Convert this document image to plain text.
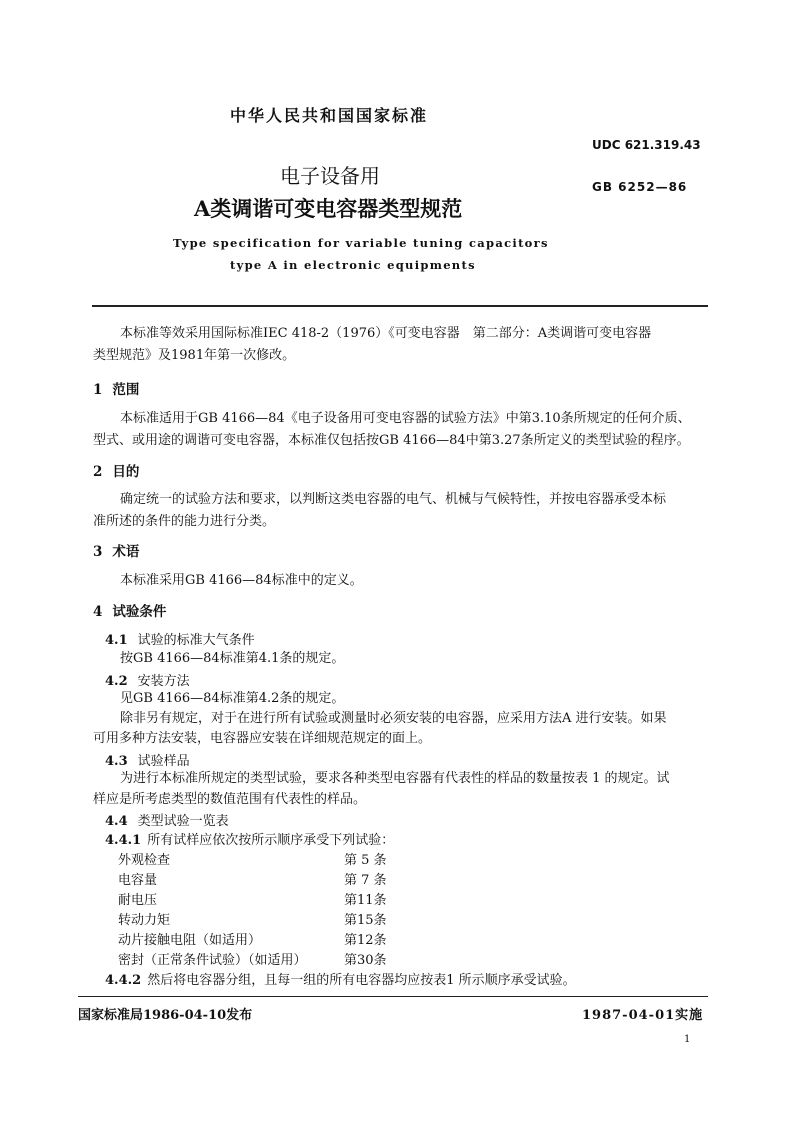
中华人民共和国国家标准
UDC 621.319.43
电子设备用	GB 6252—86
A类调谐可变电容器类型规范
Type specification for variable tuning capacitors
type A in electronic equipments
本标准等效采用国际标准IEC 418-2（1976）《可变电容器　第二部分：A类调谐可变电容器
类型规范》及1981年第一次修改。
1 范围
本标准适用于GB 4166—84《电子设备用可变电容器的试验方法》中第3.10条所规定的任何介质、
型式、或用途的调谐可变电容器，本标准仅包括按GB 4166—84中第3.27条所定义的类型试验的程序。
2 目的
确定统一的试验方法和要求，以判断这类电容器的电气、机械与气候特性，并按电容器承受本标
准所述的条件的能力进行分类。
3 术语
本标准采用GB 4166—84标准中的定义。
4 试验条件
4.1 试验的标准大气条件
按GB 4166—84标准第4.1条的规定。
4.2 安装方法
见GB 4166—84标准第4.2条的规定。
除非另有规定，对于在进行所有试验或测量时必须安装的电容器，应采用方法A 进行安装。如果
可用多种方法安装，电容器应安装在详细规范规定的面上。
4.3 试验样品
为进行本标准所规定的类型试验，要求各种类型电容器有代表性的样品的数量按表 1 的规定。试
样应是所考虑类型的数值范围有代表性的样品。
4.4 类型试验一览表
4.4.1 所有试样应依次按所示顺序承受下列试验：
外观检查	第 5 条
电容量	第 7 条
耐电压	第11条
转动力矩	第15条
动片接触电阻（如适用）	第12条
密封（正常条件试验）（如适用）	第30条
4.4.2 然后将电容器分组，且每一组的所有电容器均应按表1 所示顺序承受试验。
国家标准局1986-04-10发布	1987-04-01实施
1
